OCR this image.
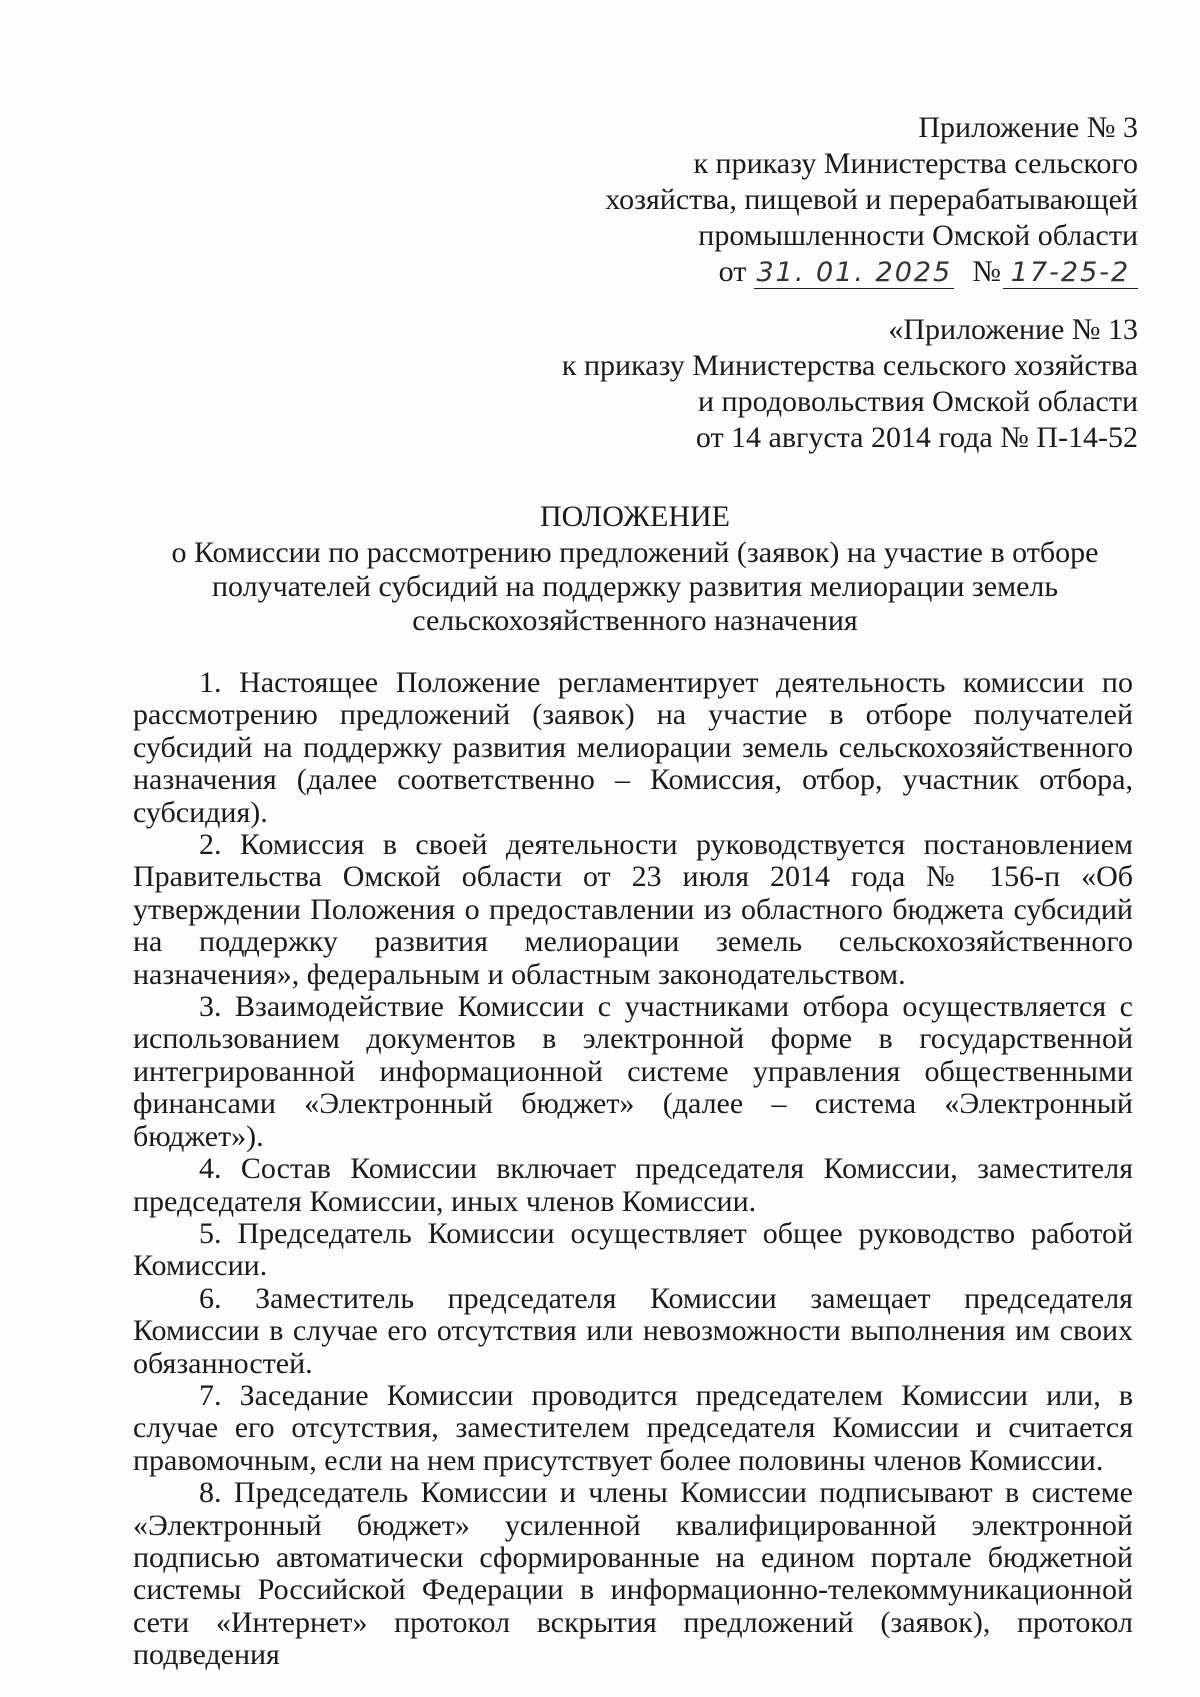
Приложение № 3
к приказу Министерства сельского
хозяйства, пищевой и перерабатывающей
промышленности Омской области
от 31. 01. 2025 № 17-25-2
«Приложение № 13
к приказу Министерства сельского хозяйства
и продовольствия Омской области
от 14 августа 2014 года № П-14-52
ПОЛОЖЕНИЕ
о Комиссии по рассмотрению предложений (заявок) на участие в отборе
получателей субсидий на поддержку развития мелиорации земель
сельскохозяйственного назначения

1. Настоящее Положение регламентирует деятельность комиссии по рассмотрению предложений (заявок) на участие в отборе получателей субсидий на поддержку развития мелиорации земель сельскохозяйственного назначения (далее соответственно – Комиссия, отбор, участник отбора, субсидия).

2. Комиссия в своей деятельности руководствуется постановлением Правительства Омской области от 23 июля 2014 года № 156-п «Об утверждении Положения о предоставлении из областного бюджета субсидий на поддержку развития мелиорации земель сельскохозяйственного назначения», федеральным и областным законодательством.

3. Взаимодействие Комиссии с участниками отбора осуществляется с использованием документов в электронной форме в государственной интегрированной информационной системе управления общественными финансами «Электронный бюджет» (далее – система «Электронный бюджет»).

4. Состав Комиссии включает председателя Комиссии, заместителя председателя Комиссии, иных членов Комиссии.

5. Председатель Комиссии осуществляет общее руководство работой Комиссии.

6. Заместитель председателя Комиссии замещает председателя Комиссии в случае его отсутствия или невозможности выполнения им своих обязанностей.

7. Заседание Комиссии проводится председателем Комиссии или, в случае его отсутствия, заместителем председателя Комиссии и считается правомочным, если на нем присутствует более половины членов Комиссии.

8. Председатель Комиссии и члены Комиссии подписывают в системе «Электронный бюджет» усиленной квалифицированной электронной подписью автоматически сформированные на едином портале бюджетной системы Российской Федерации в информационно-телекоммуникационной сети «Интернет» протокол вскрытия предложений (заявок), протокол подведения
